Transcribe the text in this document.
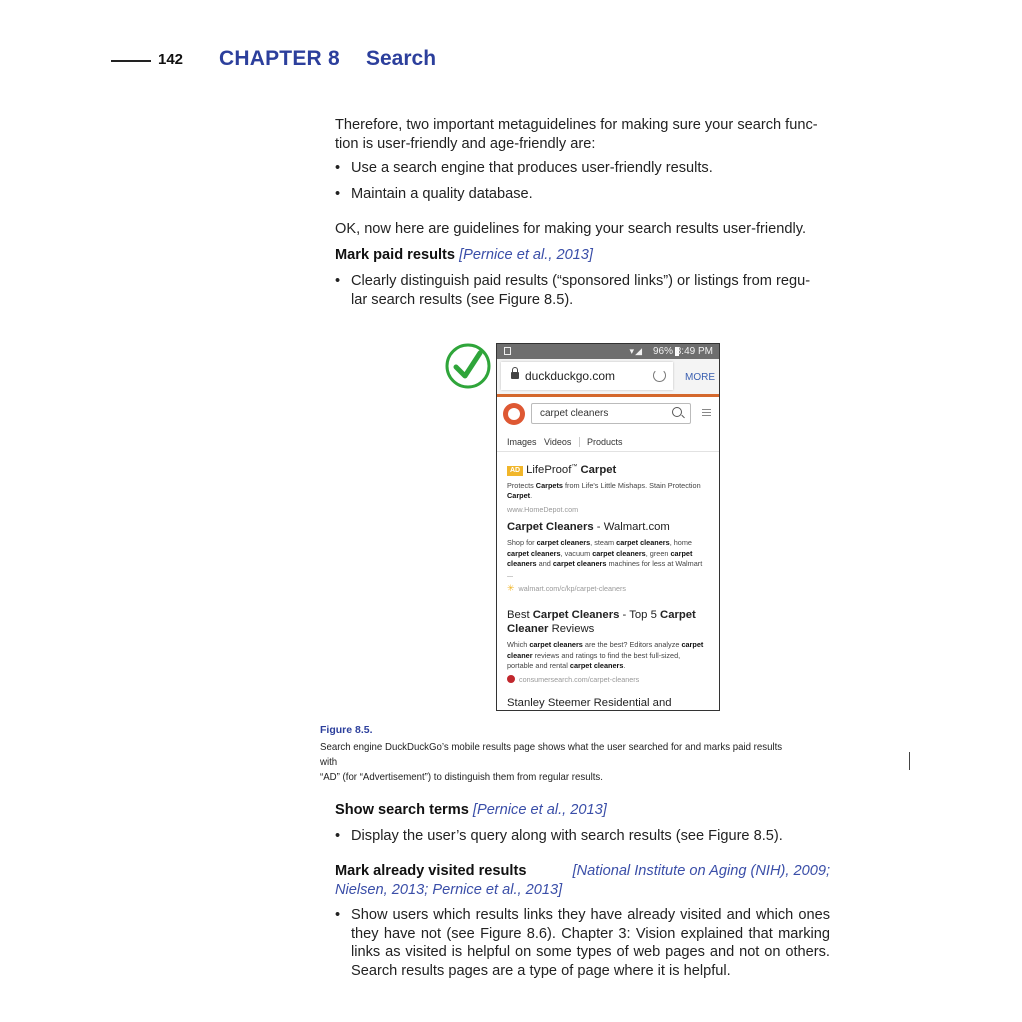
142 CHAPTER 8 Search
Therefore, two important metaguidelines for making sure your search func-
tion is user-friendly and age-friendly are:
• Use a search engine that produces user-friendly results.
• Maintain a quality database.
OK, now here are guidelines for making your search results user-friendly.
Mark paid results [Pernice et al., 2013]
• Clearly distinguish paid results (“sponsored links”) or listings from regu-
lar search results (see Figure 8.5).
▾◢ 96% 8:49 PM
duckduckgo.com	MORE
carpet cleaners
Images Videos Products
AD LifeProof™ Carpet
Protects Carpets from Life's Little Mishaps. Stain Protection Carpet.
www.HomeDepot.com
Carpet Cleaners - Walmart.com
Shop for carpet cleaners, steam carpet cleaners, home carpet cleaners, vacuum carpet cleaners, green carpet cleaners and carpet cleaners machines for less at Walmart ...
✳ walmart.com/c/kp/carpet-cleaners
Best Carpet Cleaners - Top 5 Carpet Cleaner Reviews
Which carpet cleaners are the best? Editors analyze carpet cleaner reviews and ratings to find the best full-sized, portable and rental carpet cleaners.
consumersearch.com/carpet-cleaners
Stanley Steemer Residential and
Figure 8.5.
Search engine DuckDuckGo’s mobile results page shows what the user searched for and marks paid results with
“AD” (for “Advertisement”) to distinguish them from regular results.
Show search terms [Pernice et al., 2013]
• Display the user’s query along with search results (see Figure 8.5).
Mark already visited results	[National Institute on Aging (NIH), 2009;
Nielsen, 2013; Pernice et al., 2013]
• Show users which results links they have already visited and which ones they have not (see Figure 8.6). Chapter 3: Vision explained that marking links as visited is helpful on some types of web pages and not on others. Search results pages are a type of page where it is helpful.
